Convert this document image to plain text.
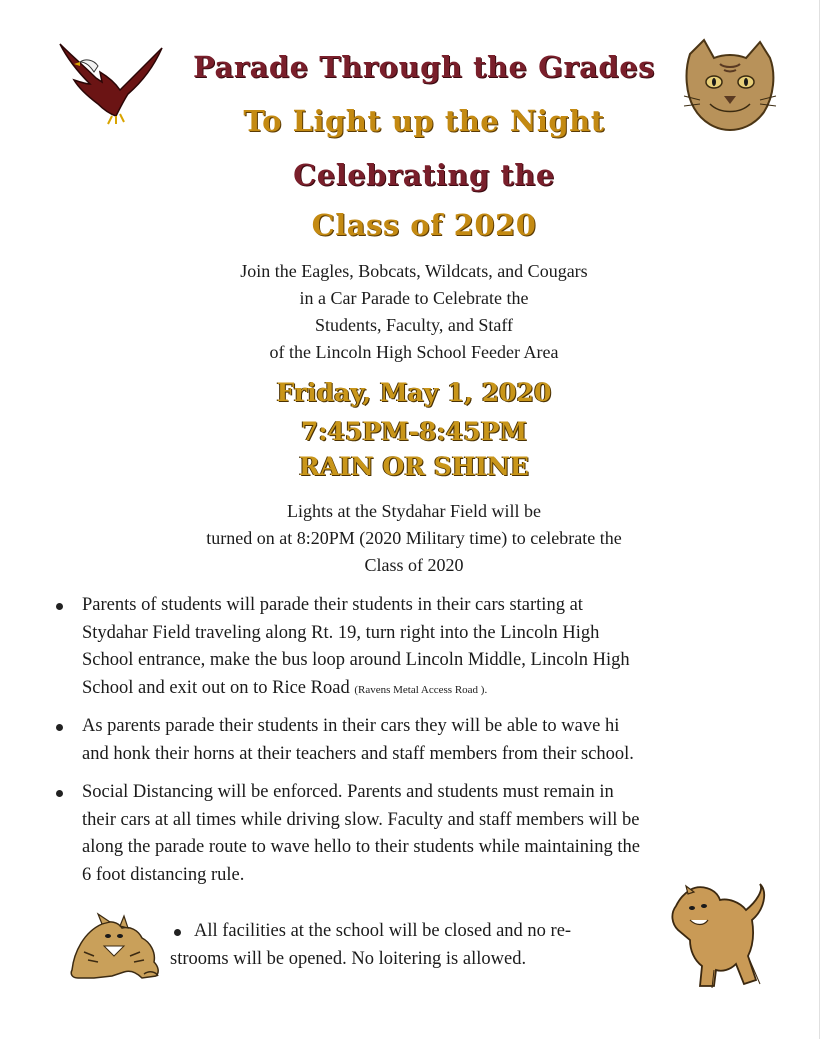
Parade Through the Grades
To Light up the Night
Celebrating the
Class of 2020
Join the Eagles, Bobcats, Wildcats, and Cougars
in a Car Parade to Celebrate the
Students, Faculty, and Staff
of the Lincoln High School Feeder Area
Friday, May 1, 2020
7:45PM-8:45PM
RAIN OR SHINE
Lights at the Stydahar Field will be
turned on at 8:20PM (2020 Military time) to celebrate the
Class of 2020
Parents of students will parade their students in their cars starting at
Stydahar Field traveling along Rt. 19, turn right into the Lincoln High
School entrance, make the bus loop around Lincoln Middle, Lincoln High
School and exit out on to Rice Road (Ravens Metal Access Road ).
As parents parade their students in their cars they will be able to wave hi
and honk their horns at their teachers and staff members from their school.
Social Distancing will be enforced. Parents and students must remain in
their cars at all times while driving slow. Faculty and staff members will be
along the parade route to wave hello to their students while maintaining the
6 foot distancing rule.
All facilities at the school will be closed and no re-
strooms will be opened. No loitering is allowed.
